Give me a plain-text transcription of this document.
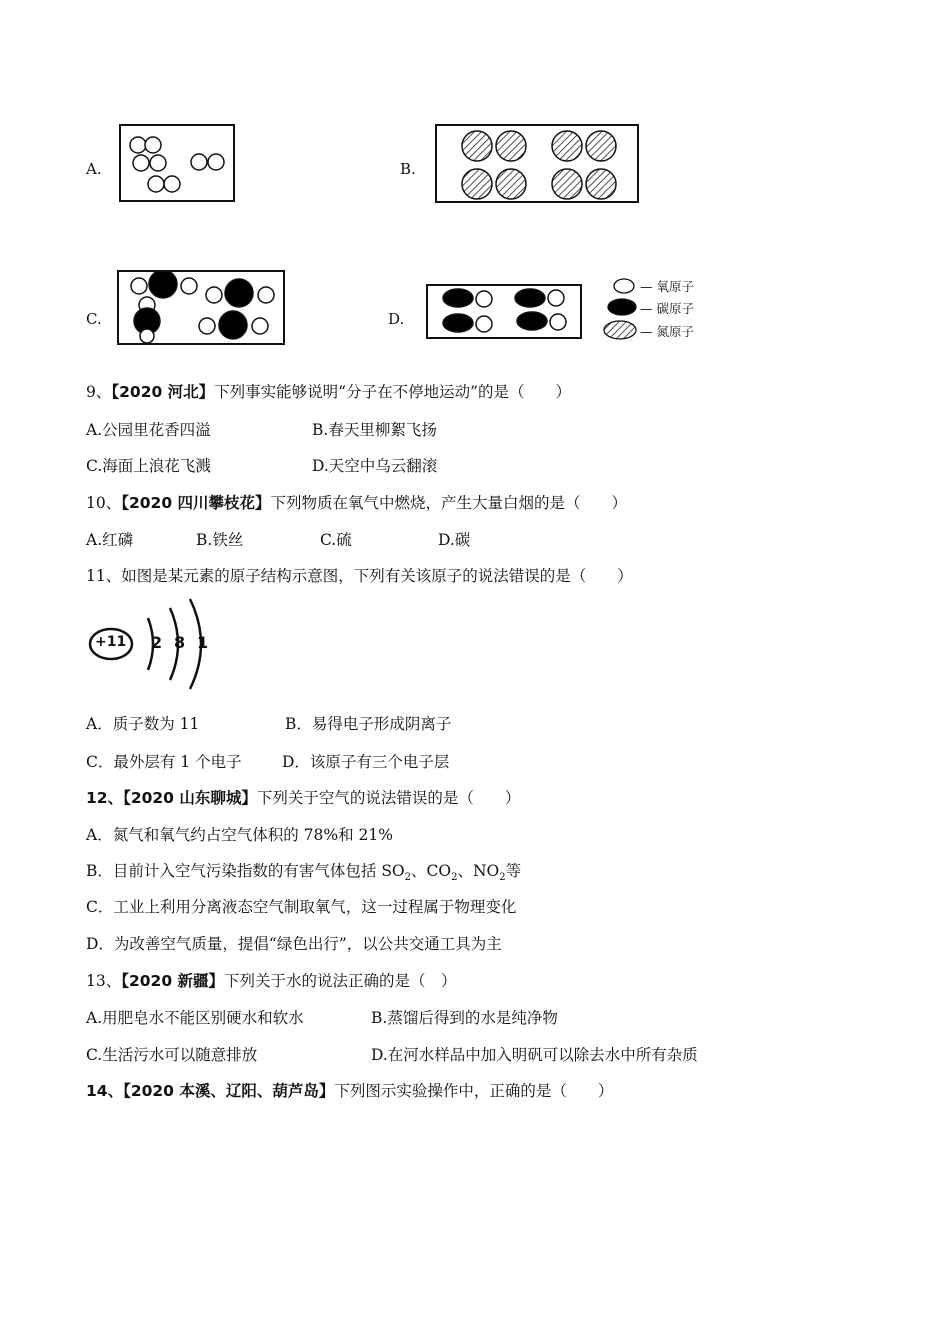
A.	B.
C.	D.
— 氧原子
— 碳原子
— 氮原子
9、【2020 河北】下列事实能够说明“分子在不停地运动”的是（　　）
A.公园里花香四溢	B.春天里柳絮飞扬
C.海面上浪花飞溅	D.天空中乌云翻滚
10、【2020 四川攀枝花】下列物质在氧气中燃烧，产生大量白烟的是（　　）
A.红磷	B.铁丝	C.硫	D.碳
11、如图是某元素的原子结构示意图，下列有关该原子的说法错误的是（　　）
+11 2 8 1
A．质子数为 11	B．易得电子形成阴离子
C．最外层有 1 个电子	D．该原子有三个电子层
12、【2020 山东聊城】下列关于空气的说法错误的是（　　）
A．氮气和氧气约占空气体积的 78%和 21%
B．目前计入空气污染指数的有害气体包括 $SO_2$、$CO_2$、$NO_2$等
C．工业上利用分离液态空气制取氧气，这一过程属于物理变化
D．为改善空气质量，提倡“绿色出行”，以公共交通工具为主
13、【2020 新疆】下列关于水的说法正确的是（　）
A.用肥皂水不能区别硬水和软水	B.蒸馏后得到的水是纯净物
C.生活污水可以随意排放	D.在河水样品中加入明矾可以除去水中所有杂质
14、【2020 本溪、辽阳、葫芦岛】下列图示实验操作中，正确的是（　　）
